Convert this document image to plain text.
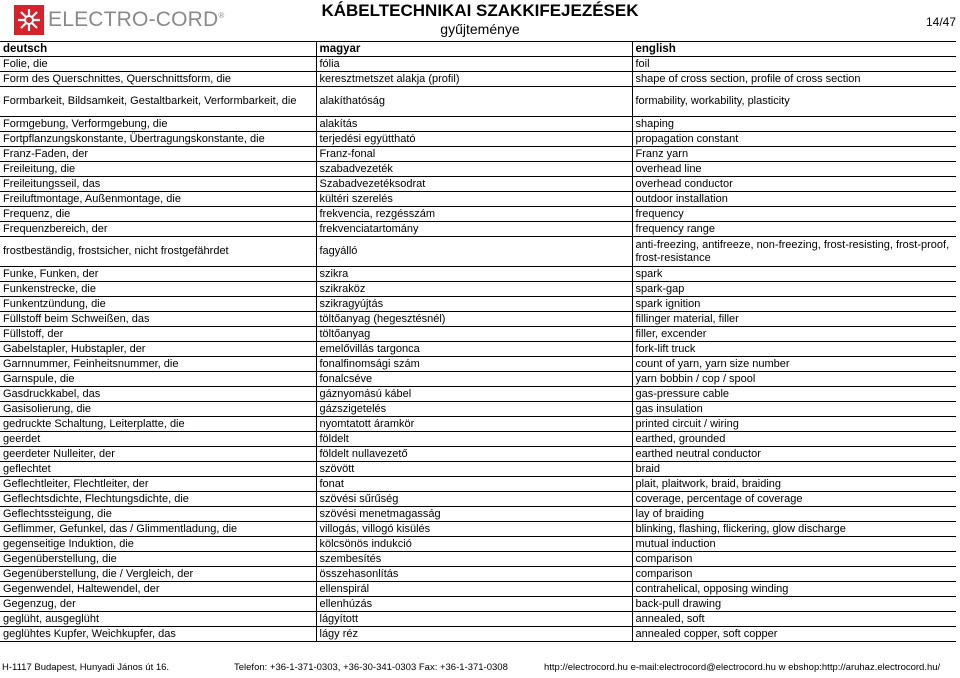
ELECTRO-CORD®	KÁBELTECHNIKAI SZAKKIFEJEZÉSEK
gyűjteménye	14/47
deutsch	magyar	english
Folie, die	fólia	foil
Form des Querschnittes, Querschnittsform, die	keresztmetszet alakja (profil)	shape of cross section, profile of cross section
Formbarkeit, Bildsamkeit, Gestaltbarkeit, Verformbarkeit, die	alakíthatóság	formability, workability, plasticity
Formgebung, Verformgebung, die	alakítás	shaping
Fortpflanzungskonstante, Übertragungskonstante, die	terjedési együttható	propagation constant
Franz-Faden, der	Franz-fonal	Franz yarn
Freileitung, die	szabadvezeték	overhead line
Freileitungsseil, das	Szabadvezetéksodrat	overhead conductor
Freiluftmontage, Außenmontage, die	kültéri szerelés	outdoor installation
Frequenz, die	frekvencia, rezgésszám	frequency
Frequenzbereich, der	frekvenciatartomány	frequency range
frostbeständig, frostsicher, nicht frostgefährdet	fagyálló	anti-freezing, antifreeze, non-freezing, frost-resisting, frost-proof, frost-resistance
Funke, Funken, der	szikra	spark
Funkenstrecke, die	szikraköz	spark-gap
Funkentzündung, die	szikragyújtás	spark ignition
Füllstoff beim Schweißen, das	töltőanyag (hegesztésnél)	fillinger material, filler
Füllstoff, der	töltőanyag	filler, excender
Gabelstapler, Hubstapler, der	emelővillás targonca	fork-lift truck
Garnnummer, Feinheitsnummer, die	fonalfinomsági szám	count of yarn, yarn size number
Garnspule, die	fonalcséve	yarn bobbin / cop / spool
Gasdruckkabel, das	gáznyomású kábel	gas-pressure cable
Gasisolierung, die	gázszigetelés	gas insulation
gedruckte Schaltung, Leiterplatte, die	nyomtatott áramkör	printed circuit / wiring
geerdet	földelt	earthed, grounded
geerdeter Nulleiter, der	földelt nullavezető	earthed neutral conductor
geflechtet	szövött	braid
Geflechtleiter, Flechtleiter, der	fonat	plait, plaitwork, braid, braiding
Geflechtsdichte, Flechtungsdichte, die	szövési sűrűség	coverage, percentage of coverage
Geflechtssteigung, die	szövési menetmagasság	lay of braiding
Geflimmer, Gefunkel, das / Glimmentladung, die	villogás, villogó kisülés	blinking, flashing, flickering, glow discharge
gegenseitige Induktion, die	kölcsönös indukció	mutual induction
Gegenüberstellung, die	szembesítés	comparison
Gegenüberstellung, die / Vergleich, der	összehasonlítás	comparison
Gegenwendel, Haltewendel, der	ellenspirál	contrahelical, opposing winding
Gegenzug, der	ellenhúzás	back-pull drawing
geglüht, ausgeglüht	lágyított	annealed, soft
geglühtes Kupfer, Weichkupfer, das	lágy réz	annealed copper, soft copper
H-1117 Budapest, Hunyadi János út 16.	Telefon: +36-1-371-0303, +36-30-341-0303 Fax: +36-1-371-0308	http://electrocord.hu e-mail:electrocord@electrocord.hu w ebshop:http://aruhaz.electrocord.hu/
